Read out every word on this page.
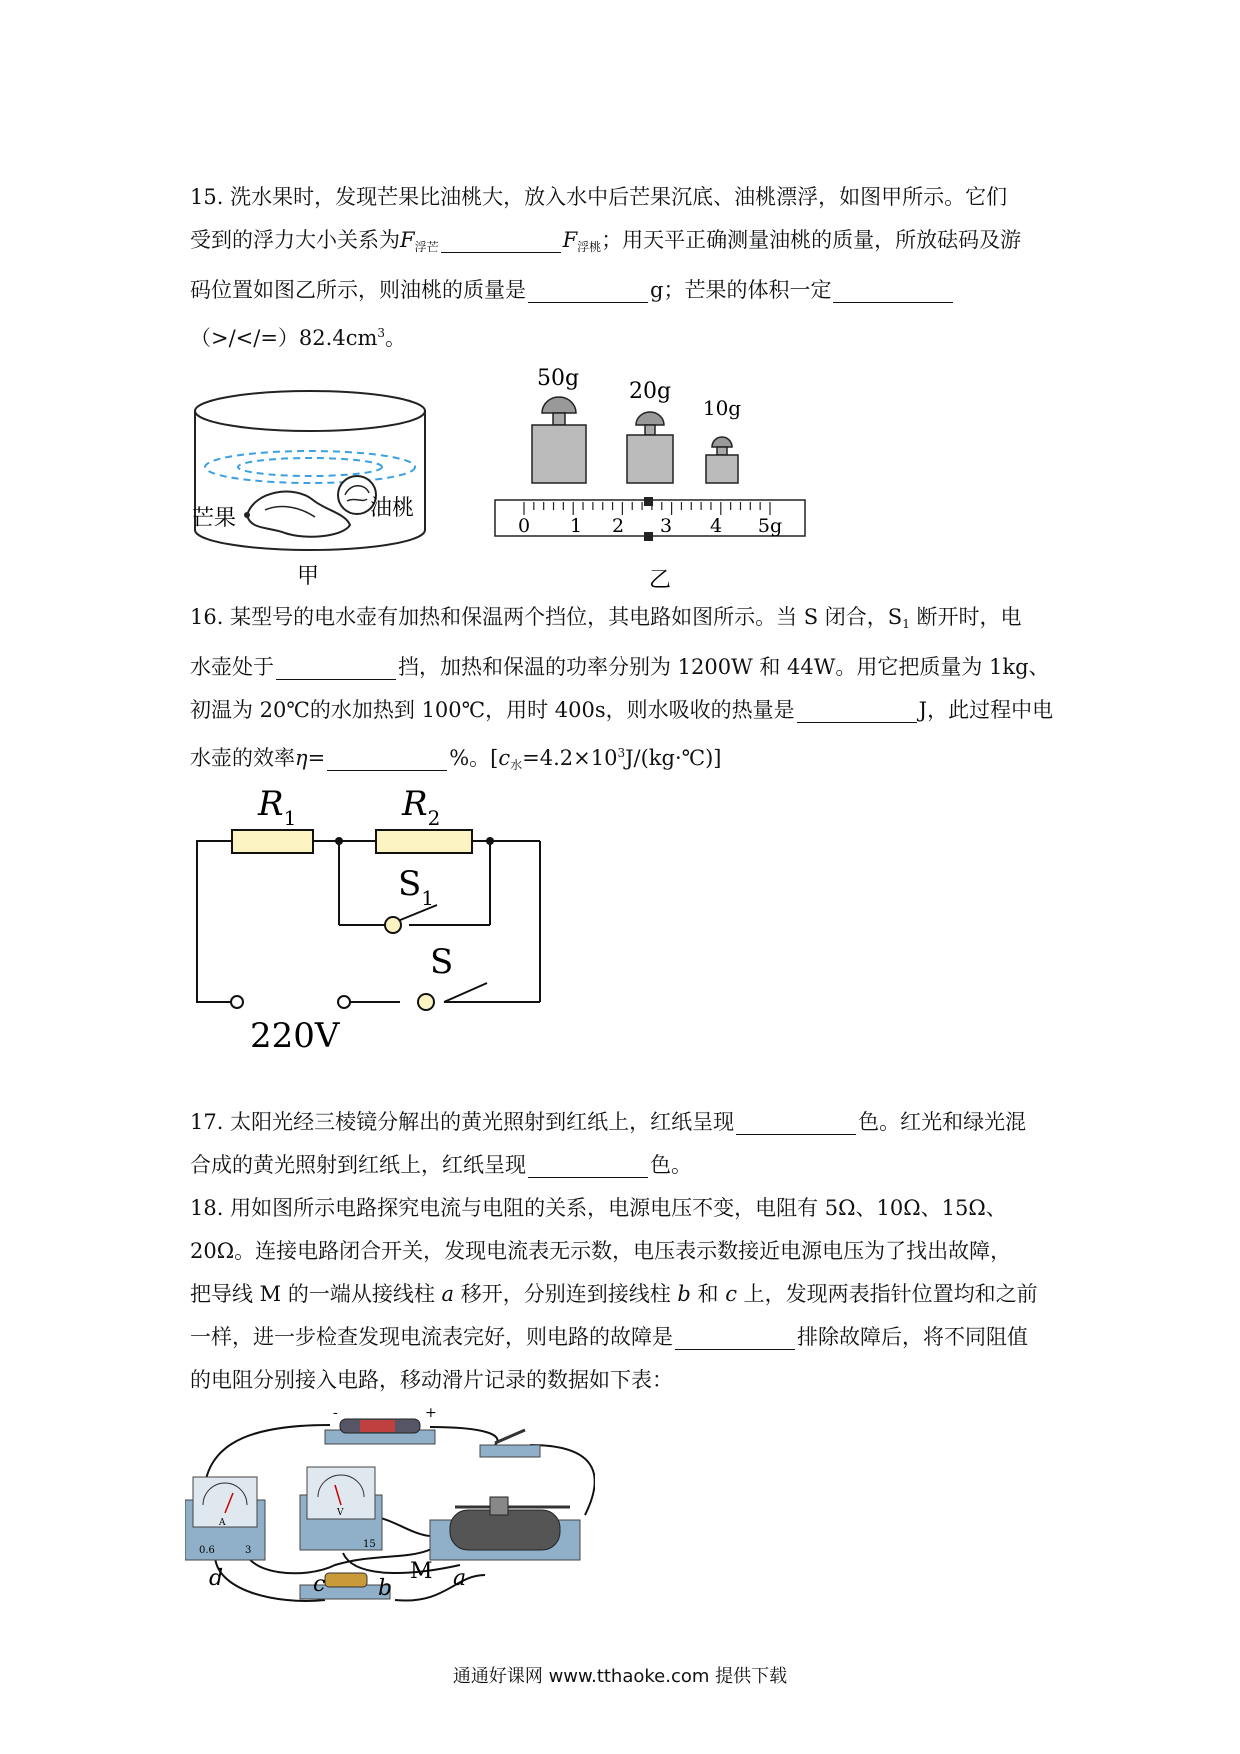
15. 洗水果时，发现芒果比油桃大，放入水中后芒果沉底、油桃漂浮，如图甲所示。它们
受到的浮力大小关系为$F_{浮芒}$	$F_{浮桃}$；用天平正确测量油桃的质量，所放砝码及游
码位置如图乙所示，则油桃的质量是	g；芒果的体积一定
$(>/</=)82.4cm^3$。
芒果	油桃
甲
50g
20g
10g
0 1 2 3 4 5g
乙
16. 某型号的电水壶有加热和保温两个挡位，其电路如图所示。当 S 闭合，$S_1$ 断开时，电
水壶处于	挡，加热和保温的功率分别为 1200W 和 44W。用它把质量为 1kg、
初温为 20℃的水加热到 100℃，用时 400s，则水吸收的热量是	J，此过程中电
水壶的效率η=	%。$[c_水=4.2\times 10^3J/(kg\cdot℃)]$
$R_1$	$R_2$
$S_1$
S
220V
17. 太阳光经三棱镜分解出的黄光照射到红纸上，红纸呈现	色。红光和绿光混
合成的黄光照射到红纸上，红纸呈现	色。
18. 用如图所示电路探究电流与电阻的关系，电源电压不变，电阻有 5Ω、10Ω、15Ω、
20Ω。连接电路闭合开关，发现电流表无示数，电压表示数接近电源电压为了找出故障，
把导线 M 的一端从接线柱 a 移开，分别连到接线柱 b 和 c 上，发现两表指针位置均和之前
一样，进一步检查发现电流表完好，则电路的故障是	排除故障后，将不同阻值
的电阻分别接入电路，移动滑片记录的数据如下表：
-	+
A
0.6	3
V
15
M a
b
c
d
通通好课网 www.tthaoke.com 提供下载
